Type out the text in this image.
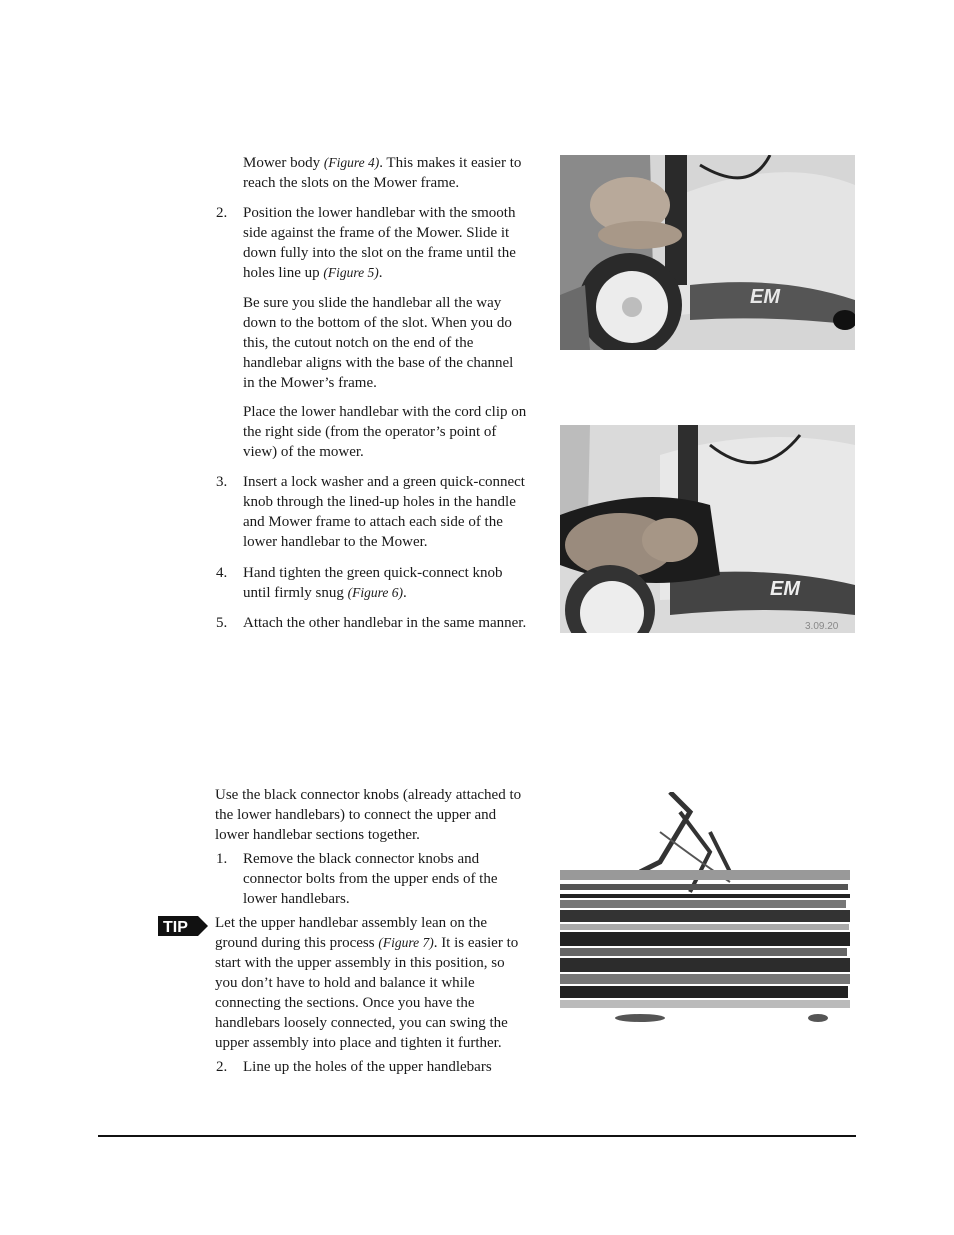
Mower body (Figure 4). This makes it easier to reach the slots on the Mower frame.
2.	Position the lower handlebar with the smooth side against the frame of the Mower. Slide it down fully into the slot on the frame until the holes line up (Figure 5).
Be sure you slide the handlebar all the way down to the bottom of the slot. When you do this, the cutout notch on the end of the handlebar aligns with the base of the channel in the Mower’s frame.
Place the lower handlebar with the cord clip on the right side (from the operator’s point of view) of the mower.
3.	Insert a lock washer and a green quick-connect knob through the lined-up holes in the handle and Mower frame to attach each side of the lower handlebar to the Mower.
4.	Hand tighten the green quick-connect knob until firmly snug (Figure 6).
5.	Attach the other handlebar in the same manner.
Use the black connector knobs (already attached to the lower handlebars) to connect the upper and lower handlebar sections together.
1.	Remove the black connector knobs and connector bolts from the upper ends of the lower handlebars.
TIP Let the upper handlebar assembly lean on the ground during this process (Figure 7). It is easier to start with the upper assembly in this position, so you don’t have to hold and balance it while connecting the sections. Once you have the handlebars loosely connected, you can swing the upper assembly into place and tighten it further.
2.	Line up the holes of the upper handlebars
EM
EM
3.09.20
